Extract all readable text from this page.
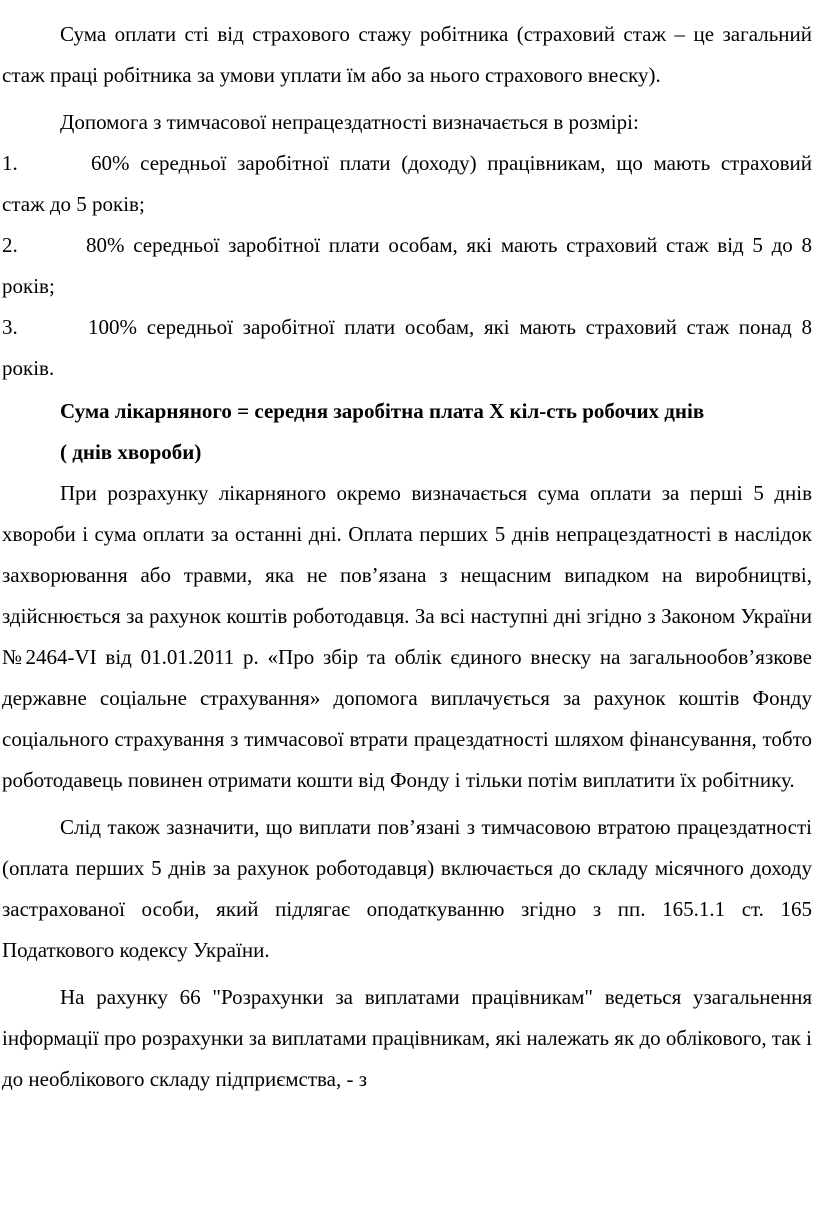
Сума оплати сті від страхового стажу робітника (страховий стаж – це загальний стаж праці робітника за умови уплати їм або за нього страхового внеску).

Допомога з тимчасової непрацездатності визначається в розмірі:

1.	60% середньої заробітної плати (доходу) працівникам, що мають страховий стаж до 5 років;
2.	80% середньої заробітної плати особам, які мають страховий стаж від 5 до 8 років;
3.	100% середньої заробітної плати особам, які мають страховий стаж понад 8 років.
Сума лікарняного = середня заробітна плата Х кіл-сть робочих днів
( днів хвороби)

При розрахунку лікарняного окремо визначається сума оплати за перші 5 днів хвороби і сума оплати за останні дні. Оплата перших 5 днів непрацездатності в наслідок захворювання або травми, яка не пов’язана з нещасним випадком на виробництві, здійснюється за рахунок коштів роботодавця. За всі наступні дні згідно з Законом України №2464-VI від 01.01.2011 р. «Про збір та облік єдиного внеску на загальнообов’язкове державне соціальне страхування» допомога виплачується за рахунок коштів Фонду соціального страхування з тимчасової втрати працездатності шляхом фінансування, тобто роботодавець повинен отримати кошти від Фонду і тільки потім виплатити їх робітнику.

Слід також зазначити, що виплати пов’язані з тимчасовою втратою працездатності (оплата перших 5 днів за рахунок роботодавця) включається до складу місячного доходу застрахованої особи, який підлягає оподаткуванню згідно з пп. 165.1.1 ст. 165 Податкового кодексу України.

На рахунку 66 "Розрахунки за виплатами працівникам" ведеться узагальнення інформації про розрахунки за виплатами працівникам, які належать як до облікового, так і до необлікового складу підприємства, - з
